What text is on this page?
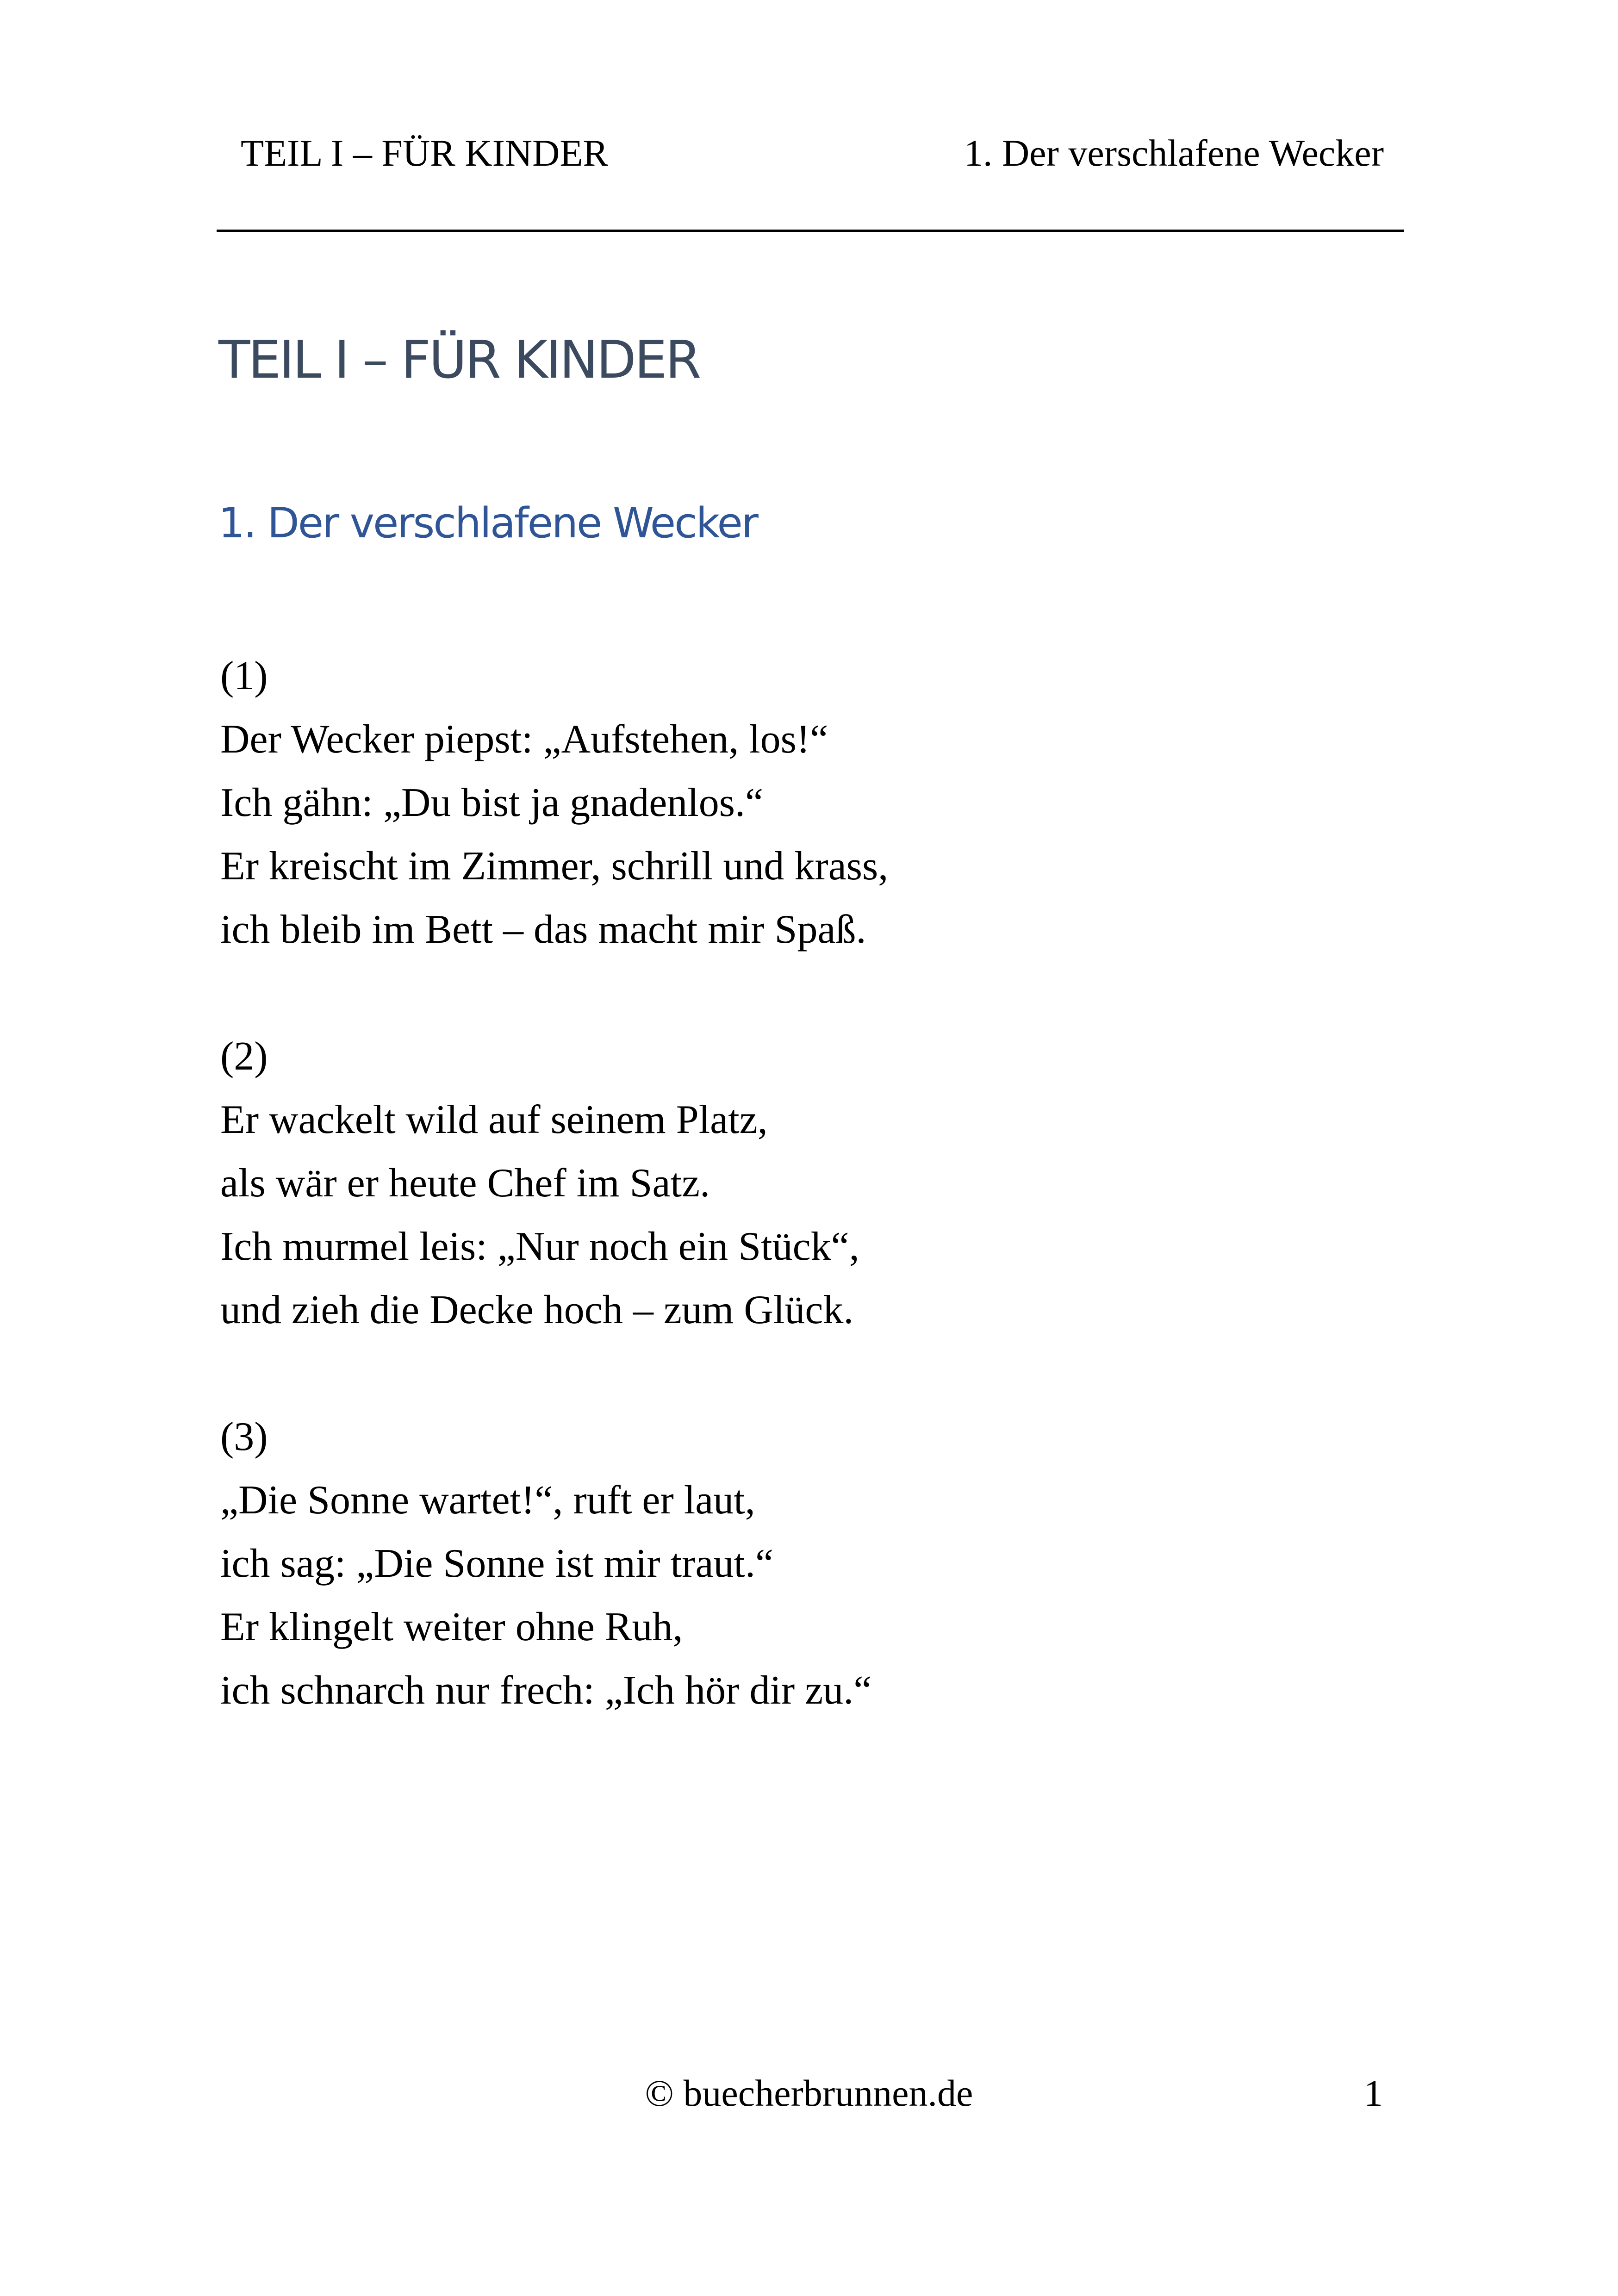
TEIL I – FÜR KINDER	1. Der verschlafene Wecker
TEIL I – FÜR KINDER
1. Der verschlafene Wecker
(1)
Der Wecker piepst: „Aufstehen, los!“
Ich gähn: „Du bist ja gnadenlos.“
Er kreischt im Zimmer, schrill und krass,
ich bleib im Bett – das macht mir Spaß.
(2)
Er wackelt wild auf seinem Platz,
als wär er heute Chef im Satz.
Ich murmel leis: „Nur noch ein Stück“,
und zieh die Decke hoch – zum Glück.
(3)
„Die Sonne wartet!“, ruft er laut,
ich sag: „Die Sonne ist mir traut.“
Er klingelt weiter ohne Ruh,
ich schnarch nur frech: „Ich hör dir zu.“
© buecherbrunnen.de	1
